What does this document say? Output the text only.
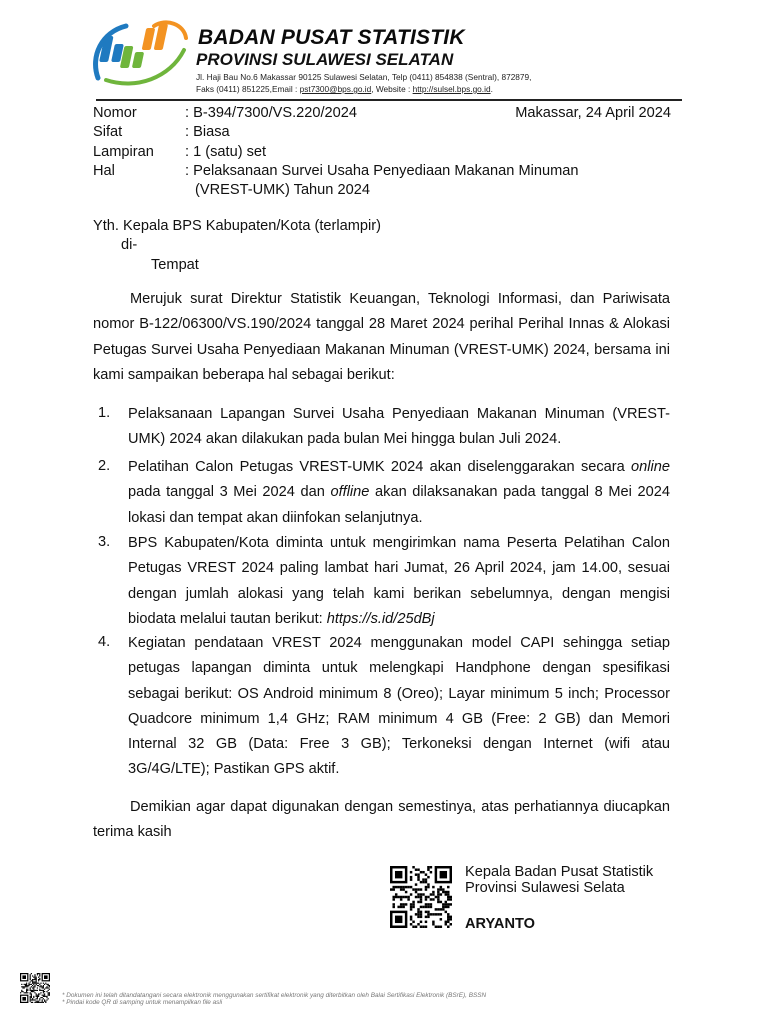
BADAN PUSAT STATISTIK
PROVINSI SULAWESI SELATAN
Jl. Haji Bau No.6 Makassar 90125 Sulawesi Selatan, Telp (0411) 854838 (Sentral), 872879,
Faks (0411) 851225,Email : pst7300@bps.go.id, Website : http://sulsel.bps.go.id.
Nomor	: B-394/7300/VS.220/2024	Makassar, 24 April 2024
Sifat	: Biasa
Lampiran : 1 (satu) set
Hal	: Pelaksanaan Survei Usaha Penyediaan Makanan Minuman
(VREST-UMK) Tahun 2024
Yth. Kepala BPS Kabupaten/Kota (terlampir)
di-
Tempat
Merujuk surat Direktur Statistik Keuangan, Teknologi Informasi, dan Pariwisata nomor B-122/06300/VS.190/2024 tanggal 28 Maret 2024 perihal Perihal Innas & Alokasi Petugas Survei Usaha Penyediaan Makanan Minuman (VREST-UMK) 2024, bersama ini kami sampaikan beberapa hal sebagai berikut:
1. Pelaksanaan Lapangan Survei Usaha Penyediaan Makanan Minuman (VREST-UMK) 2024 akan dilakukan pada bulan Mei hingga bulan Juli 2024.
2. Pelatihan Calon Petugas VREST-UMK 2024 akan diselenggarakan secara online pada tanggal 3 Mei 2024 dan offline akan dilaksanakan pada tanggal 8 Mei 2024 lokasi dan tempat akan diinfokan selanjutnya.
3. BPS Kabupaten/Kota diminta untuk mengirimkan nama Peserta Pelatihan Calon Petugas VREST 2024 paling lambat hari Jumat, 26 April 2024, jam 14.00, sesuai dengan jumlah alokasi yang telah kami berikan sebelumnya, dengan mengisi biodata melalui tautan berikut: https://s.id/25dBj
4. Kegiatan pendataan VREST 2024 menggunakan model CAPI sehingga setiap petugas lapangan diminta untuk melengkapi Handphone dengan spesifikasi sebagai berikut: OS Android minimum 8 (Oreo); Layar minimum 5 inch; Processor Quadcore minimum 1,4 GHz; RAM minimum 4 GB (Free: 2 GB) dan Memori Internal 32 GB (Data: Free 3 GB); Terkoneksi dengan Internet (wifi atau 3G/4G/LTE); Pastikan GPS aktif.
Demikian agar dapat digunakan dengan semestinya, atas perhatiannya diucapkan terima kasih
Kepala Badan Pusat Statistik
Provinsi Sulawesi Selata
ARYANTO
* Dokumen ini telah ditandatangani secara elektronik menggunakan sertifikat elektronik yang diterbitkan oleh Balai Sertifikasi Elektronik (BSrE), BSSN
* Pindai kode QR di samping untuk menampilkan file asli
